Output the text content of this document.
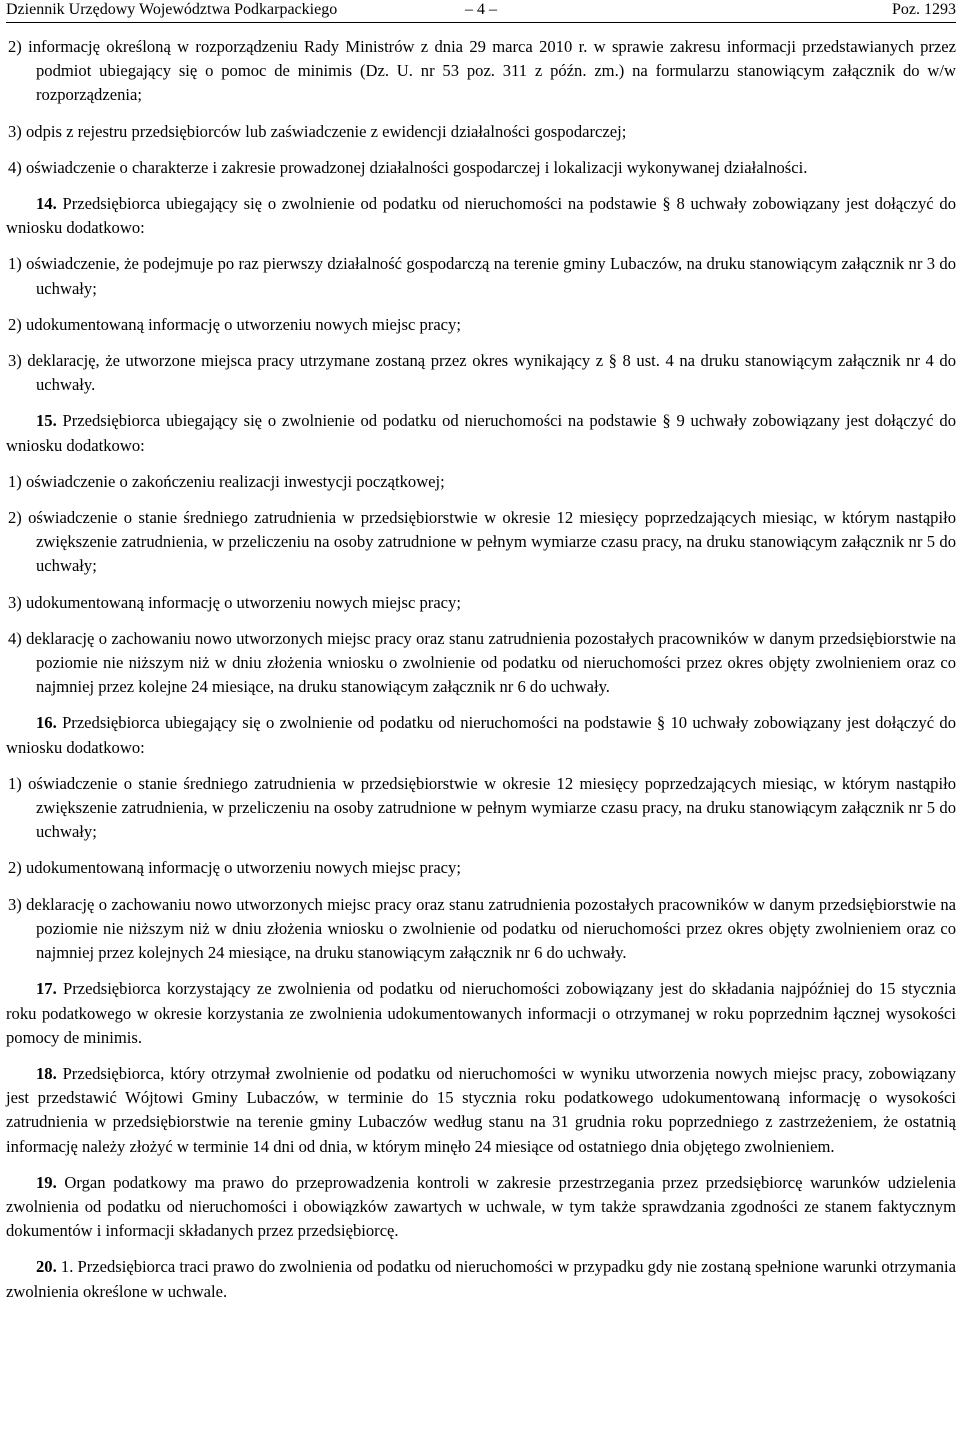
Dziennik Urzędowy Województwa Podkarpackiego	– 4 –	Poz. 1293

2) informację określoną w rozporządzeniu Rady Ministrów z dnia 29 marca 2010 r. w sprawie zakresu informacji przedstawianych przez podmiot ubiegający się o pomoc de minimis (Dz. U. nr 53 poz. 311 z późn. zm.) na formularzu stanowiącym załącznik do w/w rozporządzenia;

3) odpis z rejestru przedsiębiorców lub zaświadczenie z ewidencji działalności gospodarczej;

4) oświadczenie o charakterze i zakresie prowadzonej działalności gospodarczej i lokalizacji wykonywanej działalności.

14. Przedsiębiorca ubiegający się o zwolnienie od podatku od nieruchomości na podstawie § 8 uchwały zobowiązany jest dołączyć do wniosku dodatkowo:

1) oświadczenie, że podejmuje po raz pierwszy działalność gospodarczą na terenie gminy Lubaczów, na druku stanowiącym załącznik nr 3 do uchwały;

2) udokumentowaną informację o utworzeniu nowych miejsc pracy;

3) deklarację, że utworzone miejsca pracy utrzymane zostaną przez okres wynikający z § 8 ust. 4 na druku stanowiącym załącznik nr 4 do uchwały.

15. Przedsiębiorca ubiegający się o zwolnienie od podatku od nieruchomości na podstawie § 9 uchwały zobowiązany jest dołączyć do wniosku dodatkowo:

1) oświadczenie o zakończeniu realizacji inwestycji początkowej;

2) oświadczenie o stanie średniego zatrudnienia w przedsiębiorstwie w okresie 12 miesięcy poprzedzających miesiąc, w którym nastąpiło zwiększenie zatrudnienia, w przeliczeniu na osoby zatrudnione w pełnym wymiarze czasu pracy, na druku stanowiącym załącznik nr 5 do uchwały;

3) udokumentowaną informację o utworzeniu nowych miejsc pracy;

4) deklarację o zachowaniu nowo utworzonych miejsc pracy oraz stanu zatrudnienia pozostałych pracowników w danym przedsiębiorstwie na poziomie nie niższym niż w dniu złożenia wniosku o zwolnienie od podatku od nieruchomości przez okres objęty zwolnieniem oraz co najmniej przez kolejne 24 miesiące, na druku stanowiącym załącznik nr 6 do uchwały.

16. Przedsiębiorca ubiegający się o zwolnienie od podatku od nieruchomości na podstawie § 10 uchwały zobowiązany jest dołączyć do wniosku dodatkowo:

1) oświadczenie o stanie średniego zatrudnienia w przedsiębiorstwie w okresie 12 miesięcy poprzedzających miesiąc, w którym nastąpiło zwiększenie zatrudnienia, w przeliczeniu na osoby zatrudnione w pełnym wymiarze czasu pracy, na druku stanowiącym załącznik nr 5 do uchwały;

2) udokumentowaną informację o utworzeniu nowych miejsc pracy;

3) deklarację o zachowaniu nowo utworzonych miejsc pracy oraz stanu zatrudnienia pozostałych pracowników w danym przedsiębiorstwie na poziomie nie niższym niż w dniu złożenia wniosku o zwolnienie od podatku od nieruchomości przez okres objęty zwolnieniem oraz co najmniej przez kolejnych 24 miesiące, na druku stanowiącym załącznik nr 6 do uchwały.

17. Przedsiębiorca korzystający ze zwolnienia od podatku od nieruchomości zobowiązany jest do składania najpóźniej do 15 stycznia roku podatkowego w okresie korzystania ze zwolnienia udokumentowanych informacji o otrzymanej w roku poprzednim łącznej wysokości pomocy de minimis.

18. Przedsiębiorca, który otrzymał zwolnienie od podatku od nieruchomości w wyniku utworzenia nowych miejsc pracy, zobowiązany jest przedstawić Wójtowi Gminy Lubaczów, w terminie do 15 stycznia roku podatkowego udokumentowaną informację o wysokości zatrudnienia w przedsiębiorstwie na terenie gminy Lubaczów według stanu na 31 grudnia roku poprzedniego z zastrzeżeniem, że ostatnią informację należy złożyć w terminie 14 dni od dnia, w którym minęło 24 miesiące od ostatniego dnia objętego zwolnieniem.

19. Organ podatkowy ma prawo do przeprowadzenia kontroli w zakresie przestrzegania przez przedsiębiorcę warunków udzielenia zwolnienia od podatku od nieruchomości i obowiązków zawartych w uchwale, w tym także sprawdzania zgodności ze stanem faktycznym dokumentów i informacji składanych przez przedsiębiorcę.

20. 1. Przedsiębiorca traci prawo do zwolnienia od podatku od nieruchomości w przypadku gdy nie zostaną spełnione warunki otrzymania zwolnienia określone w uchwale.
